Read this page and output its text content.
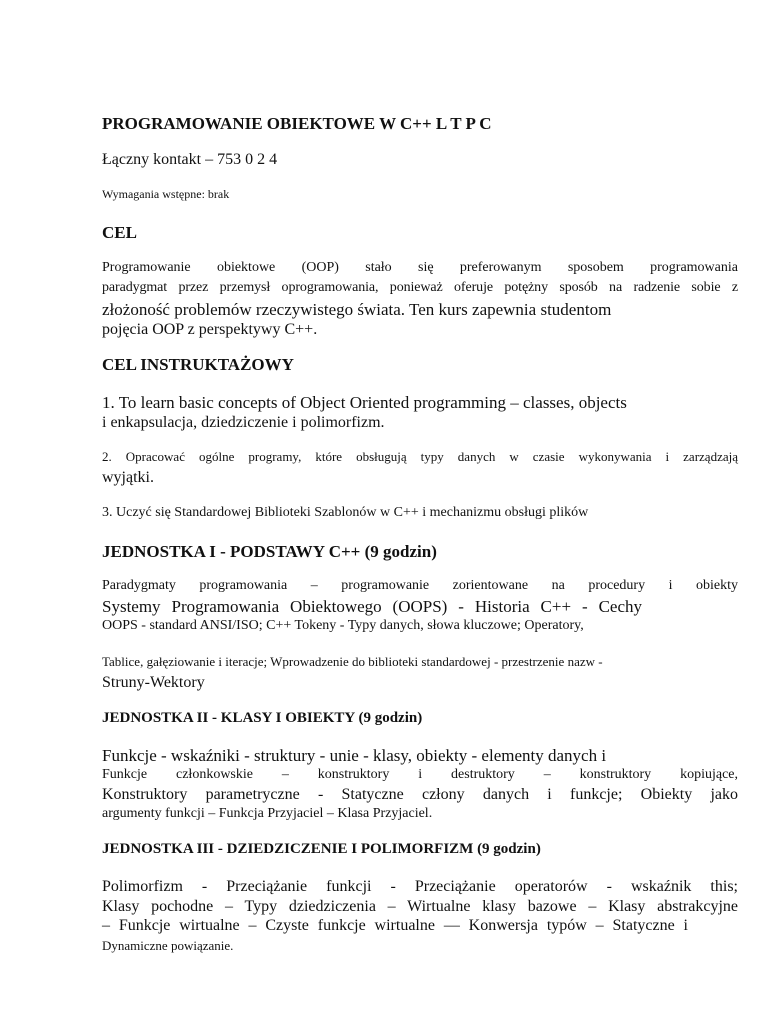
PROGRAMOWANIE OBIEKTOWE W C++ L T P C
Łączny kontakt – 753 0 2 4
Wymagania wstępne: brak
CEL
Programowanie obiektowe (OOP) stało się preferowanym sposobem programowania
paradygmat przez przemysł oprogramowania, ponieważ oferuje potężny sposób na radzenie sobie z
złożoność problemów rzeczywistego świata. Ten kurs zapewnia studentom
pojęcia OOP z perspektywy C++.
CEL INSTRUKTAŻOWY
1. To learn basic concepts of Object Oriented programming – classes, objects
i enkapsulacja, dziedziczenie i polimorfizm.
2. Opracować ogólne programy, które obsługują typy danych w czasie wykonywania i zarządzają
wyjątki.
3. Uczyć się Standardowej Biblioteki Szablonów w C++ i mechanizmu obsługi plików
JEDNOSTKA I - PODSTAWY C++ (9 godzin)
Paradygmaty programowania – programowanie zorientowane na procedury i obiekty
Systemy Programowania Obiektowego (OOPS) - Historia C++ - Cechy
OOPS - standard ANSI/ISO; C++ Tokeny - Typy danych, słowa kluczowe; Operatory,
Tablice, gałęziowanie i iteracje; Wprowadzenie do biblioteki standardowej - przestrzenie nazw -
Struny-Wektory
JEDNOSTKA II - KLASY I OBIEKTY (9 godzin)
Funkcje - wskaźniki - struktury - unie - klasy, obiekty - elementy danych i
Funkcje członkowskie – konstruktory i destruktory – konstruktory kopiujące,
Konstruktory parametryczne - Statyczne człony danych i funkcje; Obiekty jako
argumenty funkcji – Funkcja Przyjaciel – Klasa Przyjaciel.
JEDNOSTKA III - DZIEDZICZENIE I POLIMORFIZM (9 godzin)
Polimorfizm - Przeciążanie funkcji - Przeciążanie operatorów - wskaźnik this;
Klasy pochodne – Typy dziedziczenia – Wirtualne klasy bazowe – Klasy abstrakcyjne
– Funkcje wirtualne – Czyste funkcje wirtualne — Konwersja typów – Statyczne i
Dynamiczne powiązanie.
